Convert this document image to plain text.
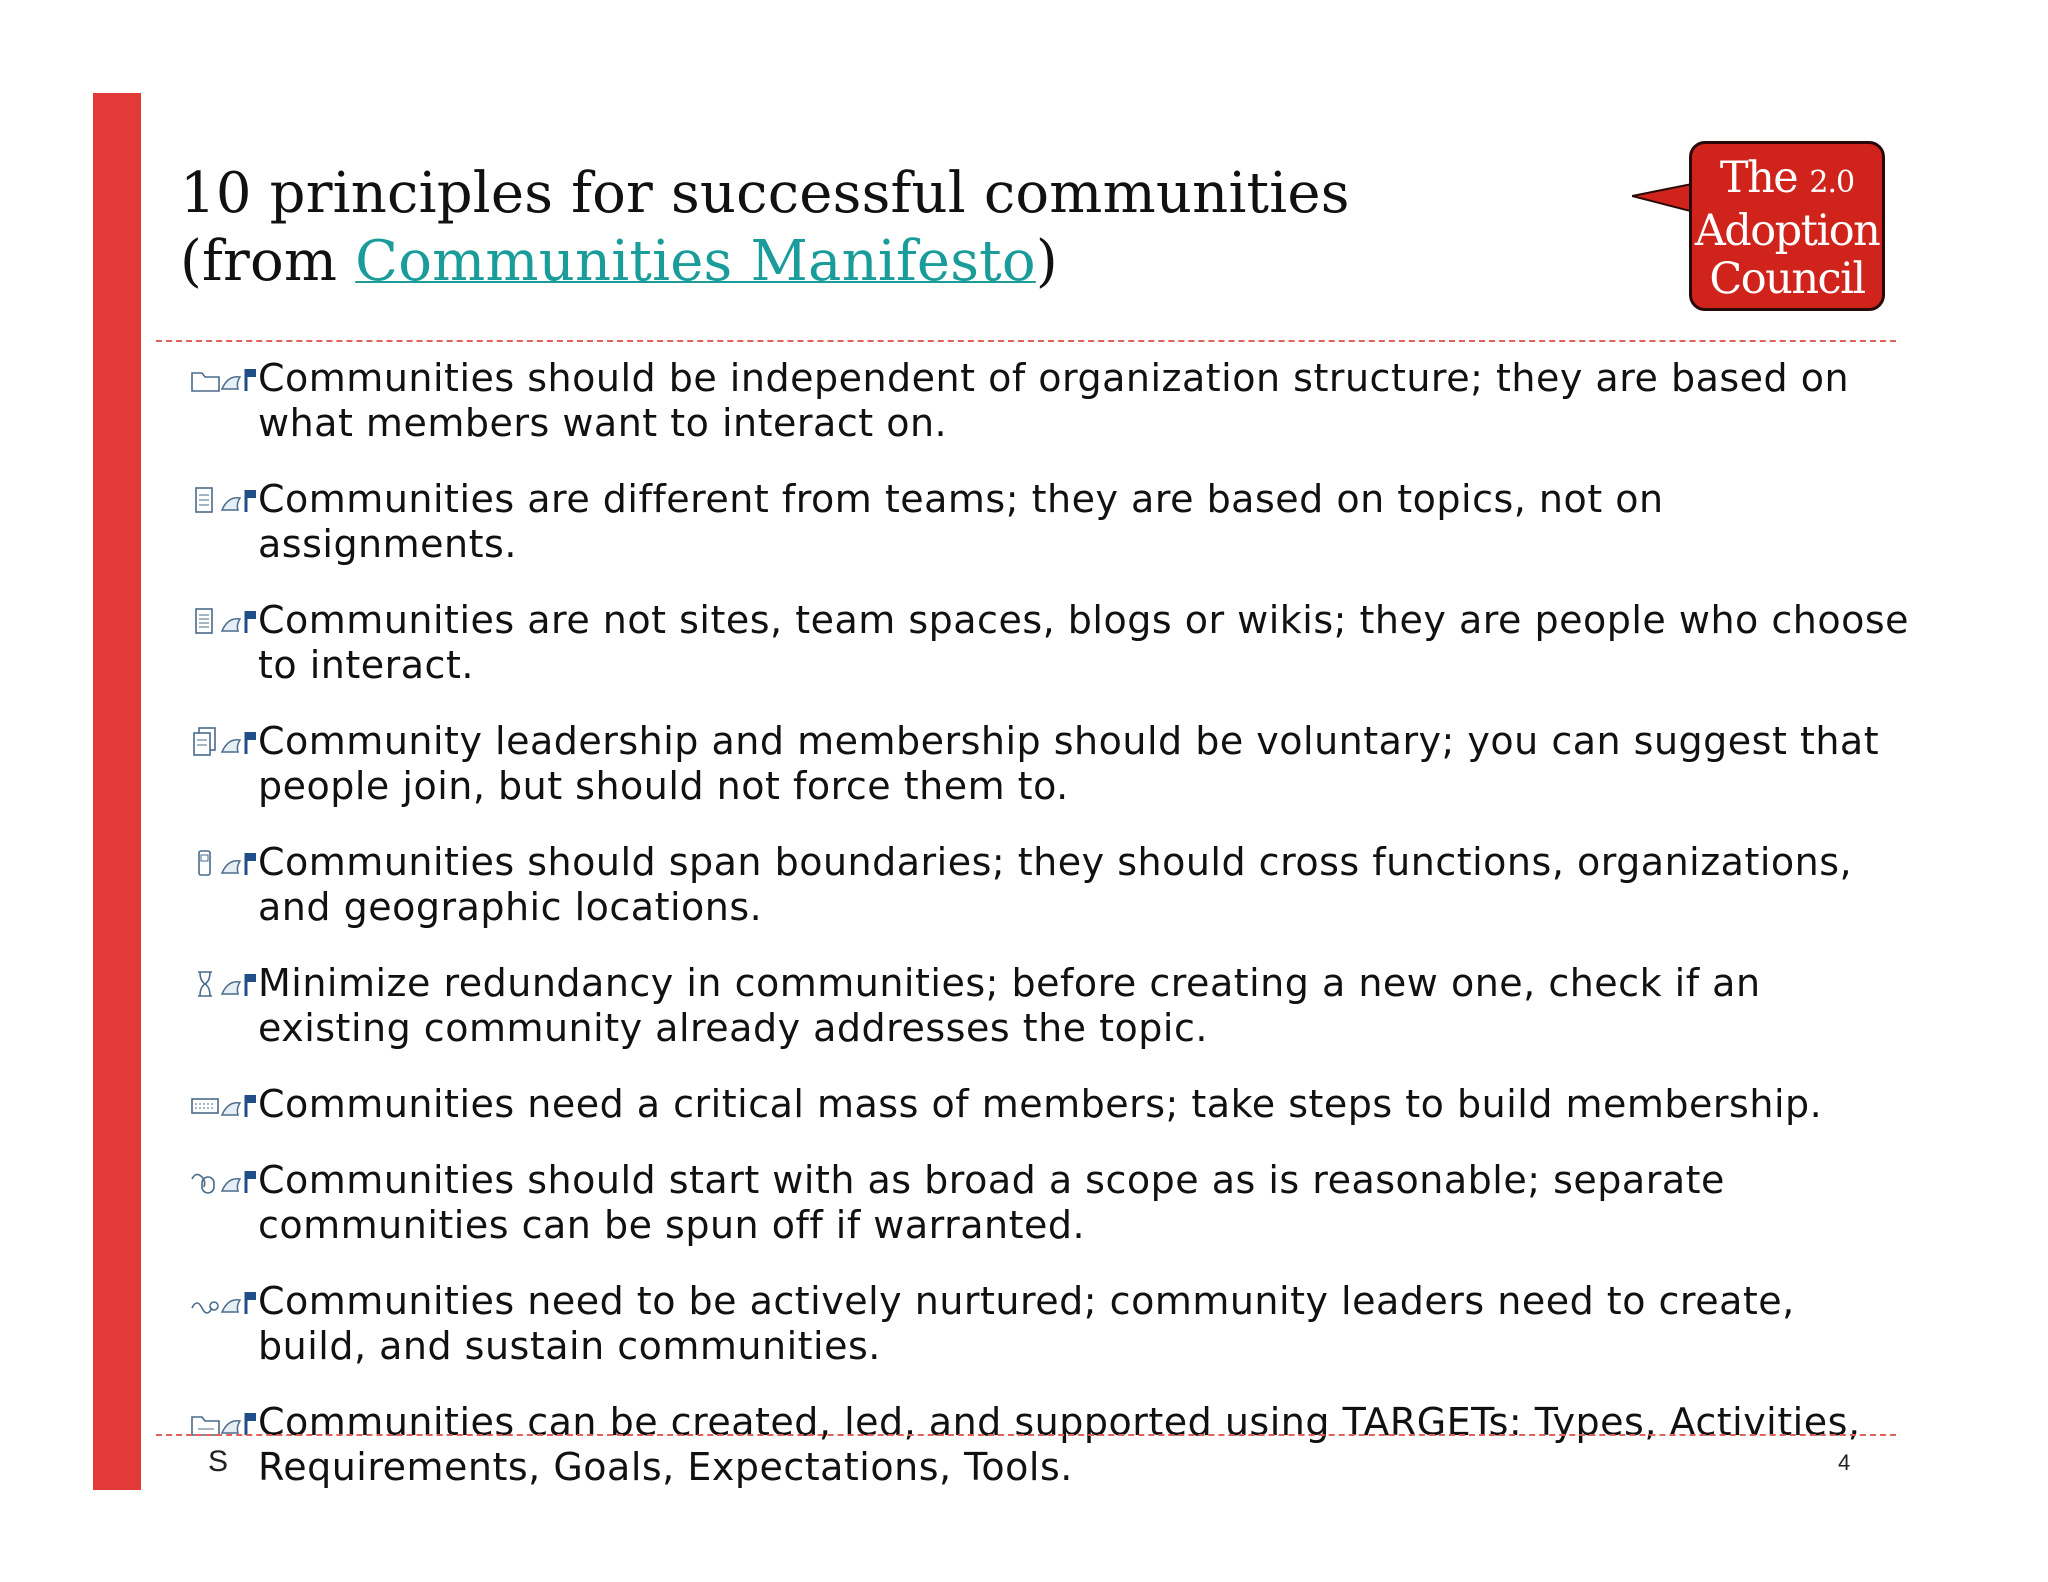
10 principles for successful communities
(from Communities Manifesto)
The 2.0
Adoption
Council
Communities should be independent of organization structure; they are based on what members want to interact on.
Communities are different from teams; they are based on topics, not on assignments.
Communities are not sites, team spaces, blogs or wikis; they are people who choose to interact.
Community leadership and membership should be voluntary; you can suggest that people join, but should not force them to.
Communities should span boundaries; they should cross functions, organizations, and geographic locations.
Minimize redundancy in communities; before creating a new one, check if an existing community already addresses the topic.
Communities need a critical mass of members; take steps to build membership.
Communities should start with as broad a scope as is reasonable; separate communities can be spun off if warranted.
Communities need to be actively nurtured; community leaders need to create, build, and sustain communities.
Communities can be created, led, and supported using TARGETs: Types, Activities, Requirements, Goals, Expectations, Tools.
S	4
